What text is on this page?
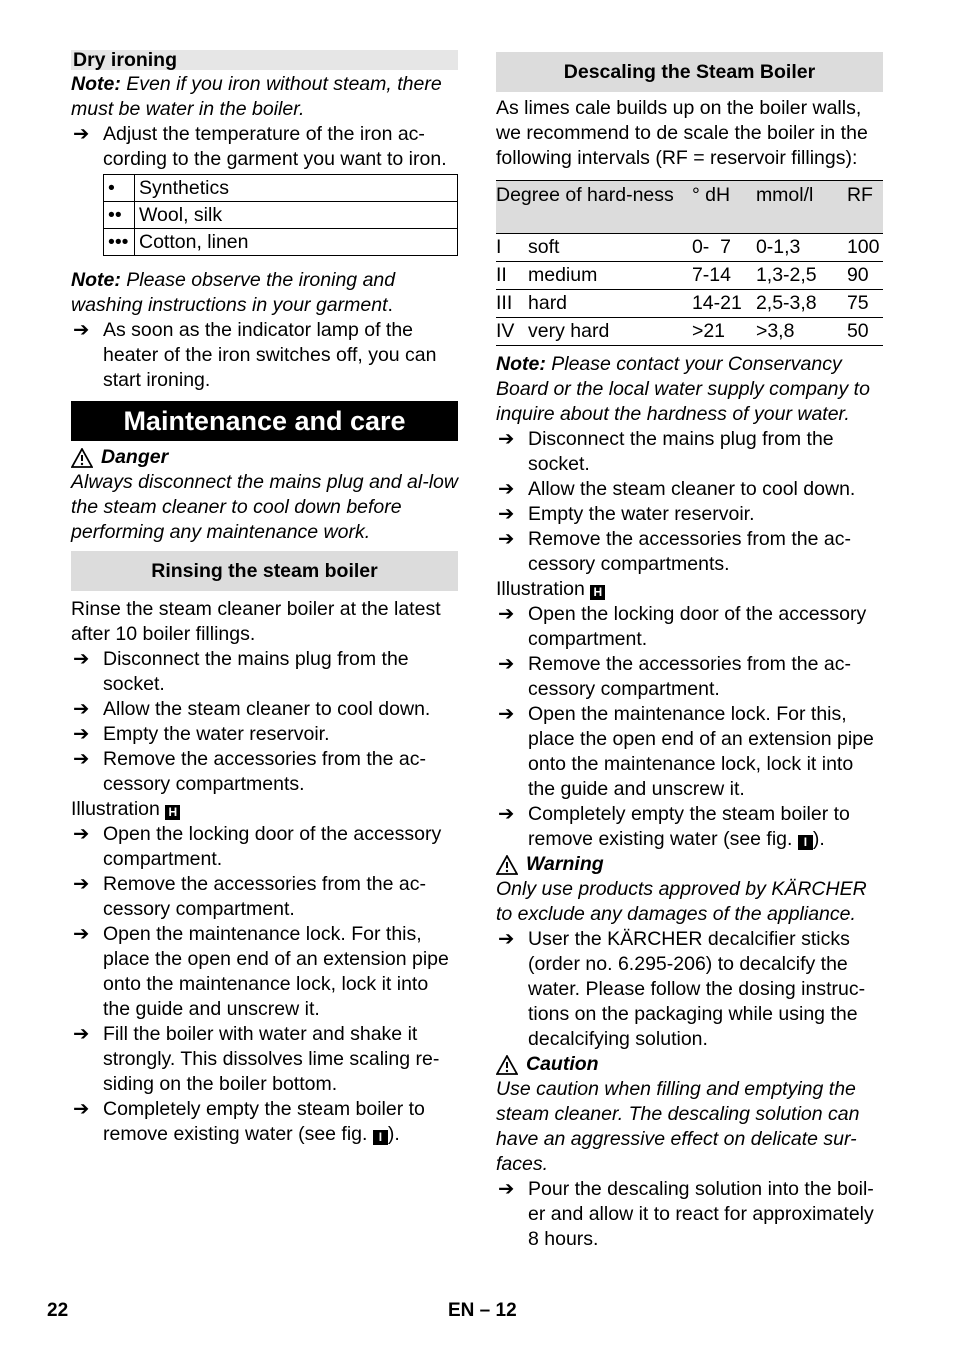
Dry ironing

Note: Even if you iron without steam, there must be water in the boiler.

➔ Adjust the temperature of the iron ac-cording to the garment you want to iron.
•	Synthetics
••	Wool, silk
•••	Cotton, linen

Note: Please observe the ironing and washing instructions in your garment.

➔ As soon as the indicator lamp of the heater of the iron switches off, you can start ironing.
Maintenance and care
Danger

Always disconnect the mains plug and al-low the steam cleaner to cool down before performing any maintenance work.

Rinsing the steam boiler

Rinse the steam cleaner boiler at the latest after 10 boiler fillings.

➔ Disconnect the mains plug from the socket.
➔ Allow the steam cleaner to cool down.
➔ Empty the water reservoir.
➔ Remove the accessories from the ac-cessory compartments.

Illustration H

➔ Open the locking door of the accessory compartment.
➔ Remove the accessories from the ac-cessory compartment.
➔ Open the maintenance lock. For this, place the open end of an extension pipe onto the maintenance lock, lock it into the guide and unscrew it.
➔ Fill the boiler with water and shake it strongly. This dissolves lime scaling re-siding on the boiler bottom.
➔ Completely empty the steam boiler to remove existing water (see fig. I ).
Descaling the Steam Boiler

As limes cale builds up on the boiler walls, we recommend to de scale the boiler in the following intervals (RF = reservoir fillings):

Degree of hard-ness		° dH	mmol/l	RF
I	soft	0-  7	0-1,3	100
II	medium	7-14	1,3-2,5	90
III	hard	14-21	2,5-3,8	75
IV	very hard	>21	>3,8	50

Note: Please contact your Conservancy Board or the local water supply company to inquire about the hardness of your water.

➔ Disconnect the mains plug from the socket.
➔ Allow the steam cleaner to cool down.
➔ Empty the water reservoir.
➔ Remove the accessories from the ac-cessory compartments.

Illustration H

➔ Open the locking door of the accessory compartment.
➔ Remove the accessories from the ac-cessory compartment.
➔ Open the maintenance lock. For this, place the open end of an extension pipe onto the maintenance lock, lock it into the guide and unscrew it.
➔ Completely empty the steam boiler to remove existing water (see fig. I ).
Warning

Only use products approved by KÄRCHER to exclude any damages of the appliance.

➔ User the KÄRCHER decalcifier sticks (order no. 6.295-206) to decalcify the water. Please follow the dosing instruc-tions on the packaging while using the decalcifying solution.
Caution

Use caution when filling and emptying the steam cleaner. The descaling solution can have an aggressive effect on delicate sur-faces.

➔ Pour the descaling solution into the boil-er and allow it to react for approximately 8 hours.
22	EN – 12
